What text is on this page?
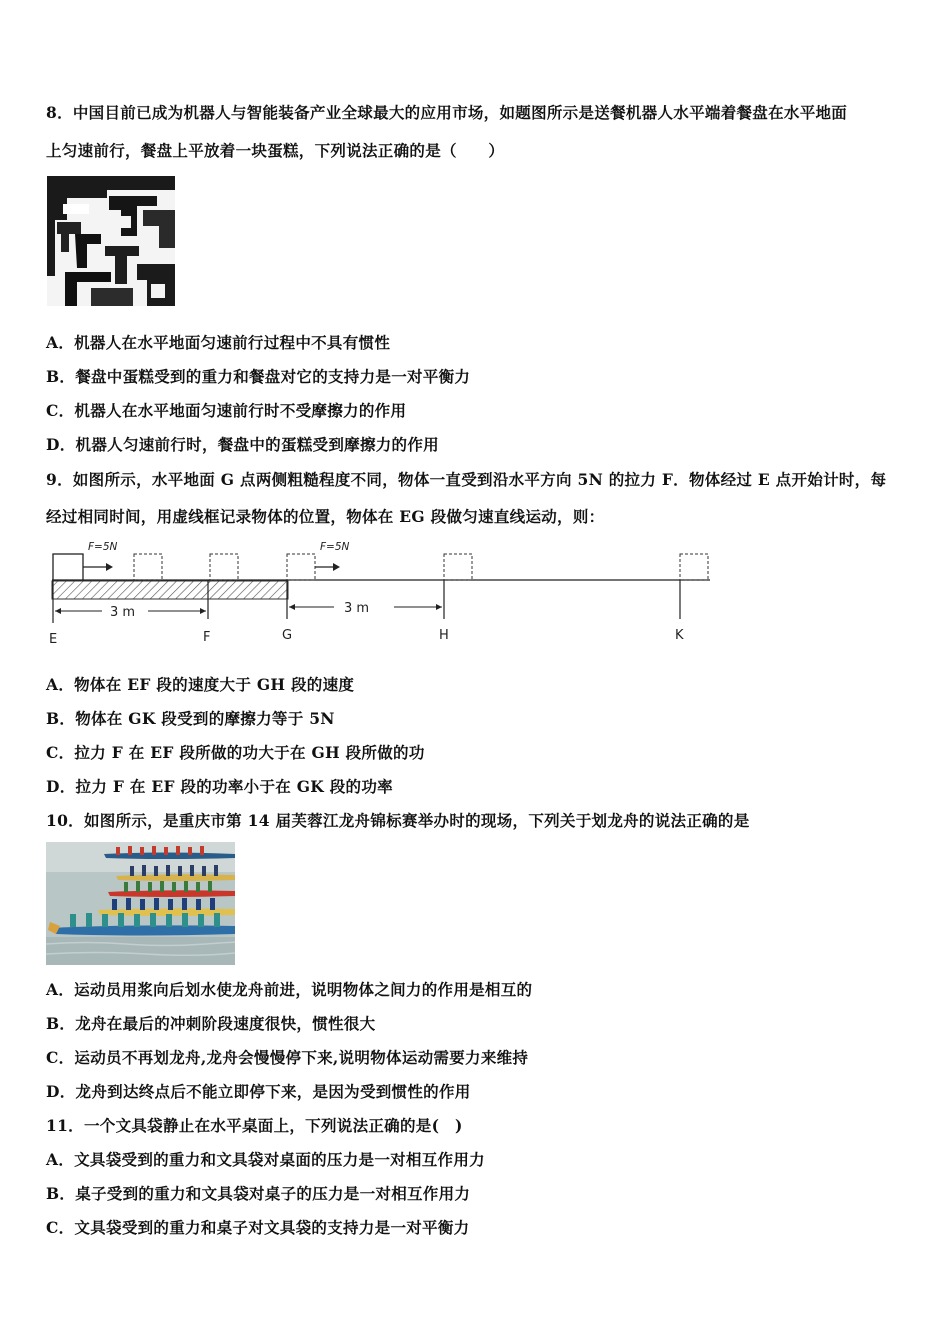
8．中国目前已成为机器人与智能装备产业全球最大的应用市场，如题图所示是送餐机器人水平端着餐盘在水平地面
上匀速前行，餐盘上平放着一块蛋糕，下列说法正确的是（　　）
A．机器人在水平地面匀速前行过程中不具有惯性
B．餐盘中蛋糕受到的重力和餐盘对它的支持力是一对平衡力
C．机器人在水平地面匀速前行时不受摩擦力的作用
D．机器人匀速前行时，餐盘中的蛋糕受到摩擦力的作用
9．如图所示，水平地面 G 点两侧粗糙程度不同，物体一直受到沿水平方向 5N 的拉力 F．物体经过 E 点开始计时，每
经过相同时间，用虚线框记录物体的位置，物体在 EG 段做匀速直线运动，则：
F=5N	F=5N
3 m	3 m
E	F	G	H	K
A．物体在 EF 段的速度大于 GH 段的速度
B．物体在 GK 段受到的摩擦力等于 5N
C．拉力 F 在 EF 段所做的功大于在 GH 段所做的功
D．拉力 F 在 EF 段的功率小于在 GK 段的功率
10．如图所示，是重庆市第 14 届芙蓉江龙舟锦标赛举办时的现场，下列关于划龙舟的说法正确的是
A．运动员用浆向后划水使龙舟前进，说明物体之间力的作用是相互的
B．龙舟在最后的冲刺阶段速度很快，惯性很大
C．运动员不再划龙舟,龙舟会慢慢停下来,说明物体运动需要力来维持
D．龙舟到达终点后不能立即停下来，是因为受到惯性的作用
11．一个文具袋静止在水平桌面上，下列说法正确的是(　)
A．文具袋受到的重力和文具袋对桌面的压力是一对相互作用力
B．桌子受到的重力和文具袋对桌子的压力是一对相互作用力
C．文具袋受到的重力和桌子对文具袋的支持力是一对平衡力
